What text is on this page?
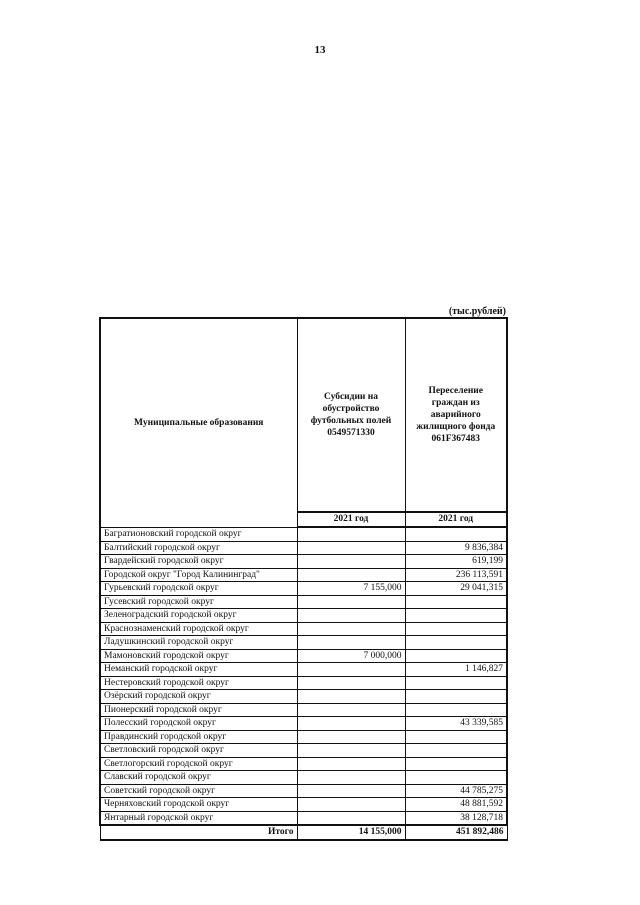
13
(тыс.рублей)
Муниципальные образования	Субсидии на обустройство футбольных полей 0549571330	Переселение граждан из аварийного жилищного фонда 061F367483
	2021 год	2021 год
Багратионовский городской округ		
Балтийский городской округ		9 836,384
Гвардейский городской округ		619,199
Городской округ "Город Калининград"		236 113,591
Гурьевский городской округ	7 155,000	29 041,315
Гусевский городской округ		
Зеленоградский городской округ		
Краснознаменский городской округ		
Ладушкинский городской округ		
Мамоновский городской округ	7 000,000	
Неманский городской округ		1 146,827
Нестеровский городской округ		
Озёрский городской округ		
Пионерский городской округ		
Полесский городской округ		43 339,585
Правдинский городской округ		
Светловский городской округ		
Светлогорский городской округ		
Славский городской округ		
Советский городской округ		44 785,275
Черняховский городской округ		48 881,592
Янтарный городской округ		38 128,718
Итого	14 155,000	451 892,486
